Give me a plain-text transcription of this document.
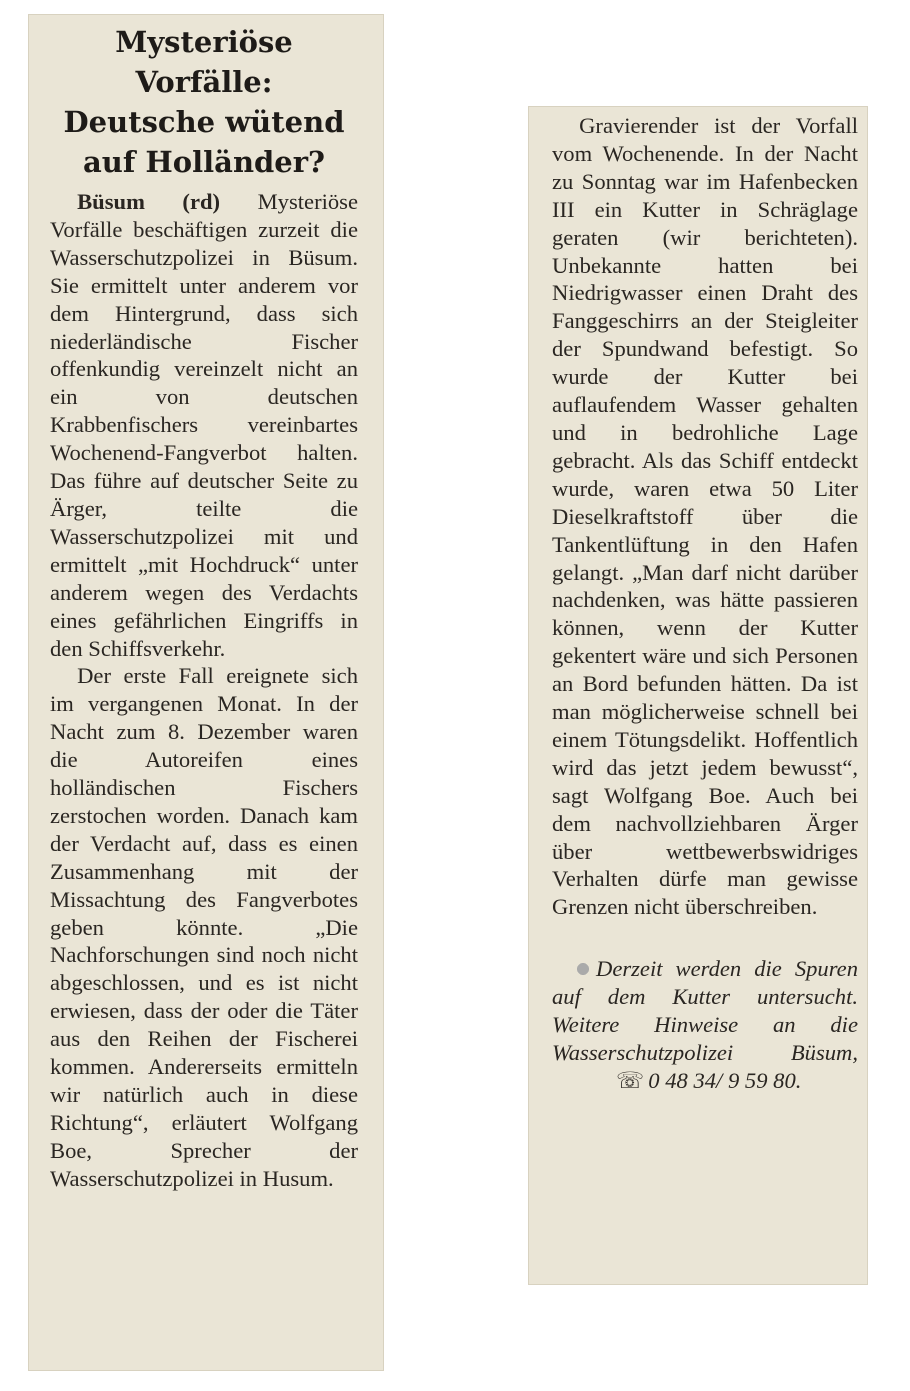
Mysteriöse
Vorfälle:
Deutsche wütend
auf Holländer?

Büsum (rd) Mysteriöse Vorfälle beschäftigen zurzeit die Wasserschutzpolizei in Büsum. Sie ermittelt unter anderem vor dem Hintergrund, dass sich niederländische Fischer offenkundig vereinzelt nicht an ein von deutschen Krabbenfischers vereinbartes Wochenend-Fangverbot halten. Das führe auf deutscher Seite zu Ärger, teilte die Wasserschutzpolizei mit und ermittelt „mit Hochdruck“ unter anderem wegen des Verdachts eines gefährlichen Eingriffs in den Schiffsverkehr.

Der erste Fall ereignete sich im vergangenen Monat. In der Nacht zum 8. Dezember waren die Autoreifen eines holländischen Fischers zerstochen worden. Danach kam der Verdacht auf, dass es einen Zusammenhang mit der Missachtung des Fangverbotes geben könnte. „Die Nachforschungen sind noch nicht abgeschlossen, und es ist nicht erwiesen, dass der oder die Täter aus den Reihen der Fischerei kommen. Andererseits ermitteln wir natürlich auch in diese Richtung“, erläutert Wolfgang Boe, Sprecher der Wasserschutzpolizei in Husum.

Gravierender ist der Vorfall vom Wochenende. In der Nacht zu Sonntag war im Hafenbecken III ein Kutter in Schräglage geraten (wir berichteten). Unbekannte hatten bei Niedrigwasser einen Draht des Fanggeschirrs an der Steigleiter der Spundwand befestigt. So wurde der Kutter bei auflaufendem Wasser gehalten und in bedrohliche Lage gebracht. Als das Schiff entdeckt wurde, waren etwa 50 Liter Dieselkraftstoff über die Tankentlüftung in den Hafen gelangt. „Man darf nicht darüber nachdenken, was hätte passieren können, wenn der Kutter gekentert wäre und sich Personen an Bord befunden hätten. Da ist man möglicherweise schnell bei einem Tötungsdelikt. Hoffentlich wird das jetzt jedem bewusst“, sagt Wolfgang Boe. Auch bei dem nachvollziehbaren Ärger über wettbewerbswidriges Verhalten dürfe man gewisse Grenzen nicht überschreiben.

Derzeit werden die Spuren auf dem Kutter untersucht. Weitere Hinweise an die Wasserschutzpolizei Büsum,☏ 0 48 34/ 9 59 80.
